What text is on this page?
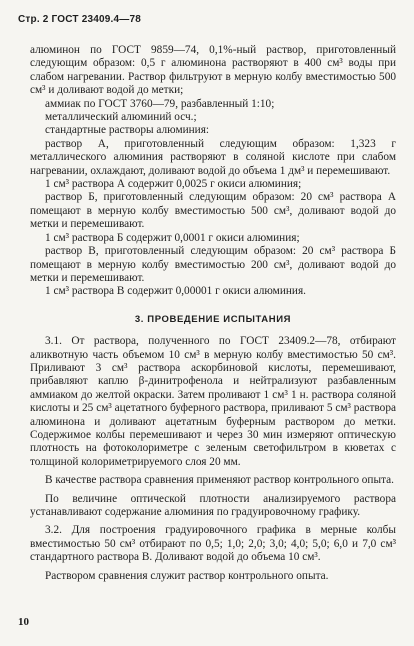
Стр. 2 ГОСТ 23409.4—78

алюминон по ГОСТ 9859—74, 0,1%-ный раствор, приготовленный следующим образом: 0,5 г алюминона растворяют в 400 см³ воды при слабом нагревании. Раствор фильтруют в мерную колбу вместимостью 500 см³ и доливают водой до метки;

аммиак по ГОСТ 3760—79, разбавленный 1:10;

металлический алюминий осч.;

стандартные растворы алюминия:

раствор А, приготовленный следующим образом: 1,323 г металлического алюминия растворяют в соляной кислоте при слабом нагревании, охлаждают, доливают водой до объема 1 дм³ и перемешивают.

1 см³ раствора А содержит 0,0025 г окиси алюминия;

раствор Б, приготовленный следующим образом: 20 см³ раствора А помещают в мерную колбу вместимостью 500 см³, доливают водой до метки и перемешивают.

1 см³ раствора Б содержит 0,0001 г окиси алюминия;

раствор В, приготовленный следующим образом: 20 см³ раствора Б помещают в мерную колбу вместимостью 200 см³, доливают водой до метки и перемешивают.

1 см³ раствора В содержит 0,00001 г окиси алюминия.

3. ПРОВЕДЕНИЕ ИСПЫТАНИЯ

3.1. От раствора, полученного по ГОСТ 23409.2—78, отбирают аликвотную часть объемом 10 см³ в мерную колбу вместимостью 50 см³. Приливают 3 см³ раствора аскорбиновой кислоты, перемешивают, прибавляют каплю β-динитрофенола и нейтрализуют разбавленным аммиаком до желтой окраски. Затем проливают 1 см³ 1 н. раствора соляной кислоты и 25 см³ ацетатного буферного раствора, приливают 5 см³ раствора алюминона и доливают ацетатным буферным раствором до метки. Содержимое колбы перемешивают и через 30 мин измеряют оптическую плотность на фотоколориметре с зеленым светофильтром в кюветах с толщиной колориметрируемого слоя 20 мм.

В качестве раствора сравнения применяют раствор контрольного опыта.

По величине оптической плотности анализируемого раствора устанавливают содержание алюминия по градуировочному графику.

3.2. Для построения градуировочного графика в мерные колбы вместимостью 50 см³ отбирают по 0,5; 1,0; 2,0; 3,0; 4,0; 5,0; 6,0 и 7,0 см³ стандартного раствора В. Доливают водой до объема 10 см³.

Раствором сравнения служит раствор контрольного опыта.

10
